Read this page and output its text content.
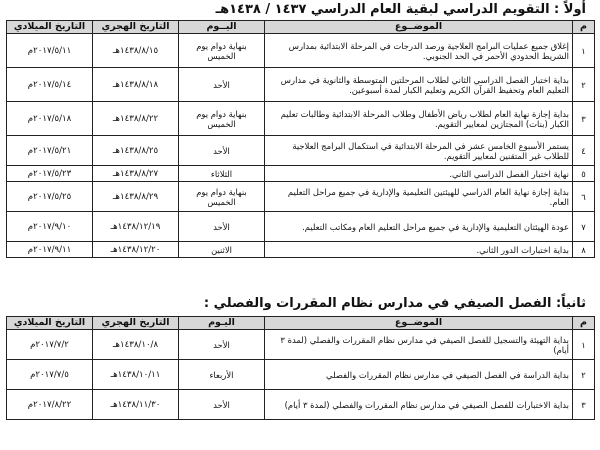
أولاً : التقويم الدراسي لبقية العام الدراسي ١٤٣٧ / ١٤٣٨هـ
م	الموضــوع	اليــوم	التاريخ الهجري	التاريخ الميلادي
١	إغلاق جميع عمليات البرامج العلاجية ورصد الدرجات في المرحلة الابتدائية بمدارس الشريط الحدودي الأحمر في الحد الجنوبي.	بنهاية دوام يوم الخميس	١٤٣٨/٨/١٥هـ	٢٠١٧/٥/١١م
٢	بداية اختبار الفصل الدراسي الثاني لطلاب المرحلتين المتوسطة والثانوية في مدارس التعليم العام وتحفيظ القرآن الكريم وتعليم الكبار لمدة أسبوعين.	الأحد	١٤٣٨/٨/١٨هـ	٢٠١٧/٥/١٤م
٣	بداية إجازة نهاية العام لطلاب رياض الأطفال وطلاب المرحلة الابتدائية وطالبات تعليم الكبار (بنات) المجتازين لمعايير التقويم.	بنهاية دوام يوم الخميس	١٤٣٨/٨/٢٢هـ	٢٠١٧/٥/١٨م
٤	يستمر الأسبوع الخامس عشر في المرحلة الابتدائية في استكمال البرامج العلاجية للطلاب غير المتقنين لمعايير التقويم.	الأحد	١٤٣٨/٨/٢٥هـ	٢٠١٧/٥/٢١م
٥	نهاية اختبار الفصل الدراسي الثاني.	الثلاثاء	١٤٣٨/٨/٢٧هـ	٢٠١٧/٥/٢٣م
٦	بداية إجازة نهاية العام الدراسي للهيئتين التعليمية والإدارية في جميع مراحل التعليم العام.	بنهاية دوام يوم الخميس	١٤٣٨/٨/٢٩هـ	٢٠١٧/٥/٢٥م
٧	عودة الهيئتان التعليمية والإدارية في جميع مراحل التعليم العام ومكاتب التعليم.	الأحد	١٤٣٨/١٢/١٩هـ	٢٠١٧/٩/١٠م
٨	بداية اختبارات الدور الثاني.	الاثنين	١٤٣٨/١٢/٢٠هـ	٢٠١٧/٩/١١م
ثانياً: الفصل الصيفي في مدارس نظام المقررات والفصلي :
م	الموضــوع	اليـوم	التاريخ الهجري	التاريخ الميلادي
١	بداية التهيئة والتسجيل للفصل الصيفي في مدارس نظام المقررات والفصلي (لمدة ٣ أيام)	الأحد	١٤٣٨/١٠/٨هـ	٢٠١٧/٧/٢م
٢	بداية الدراسة في الفصل الصيفي في مدارس نظام المقررات والفصلي	الأربعاء	١٤٣٨/١٠/١١هـ	٢٠١٧/٧/٥م
٣	بداية الاختبارات للفصل الصيفي في مدارس نظام المقررات والفصلي (لمدة ٣ أيام)	الأحد	١٤٣٨/١١/٣٠هـ	٢٠١٧/٨/٢٢م
